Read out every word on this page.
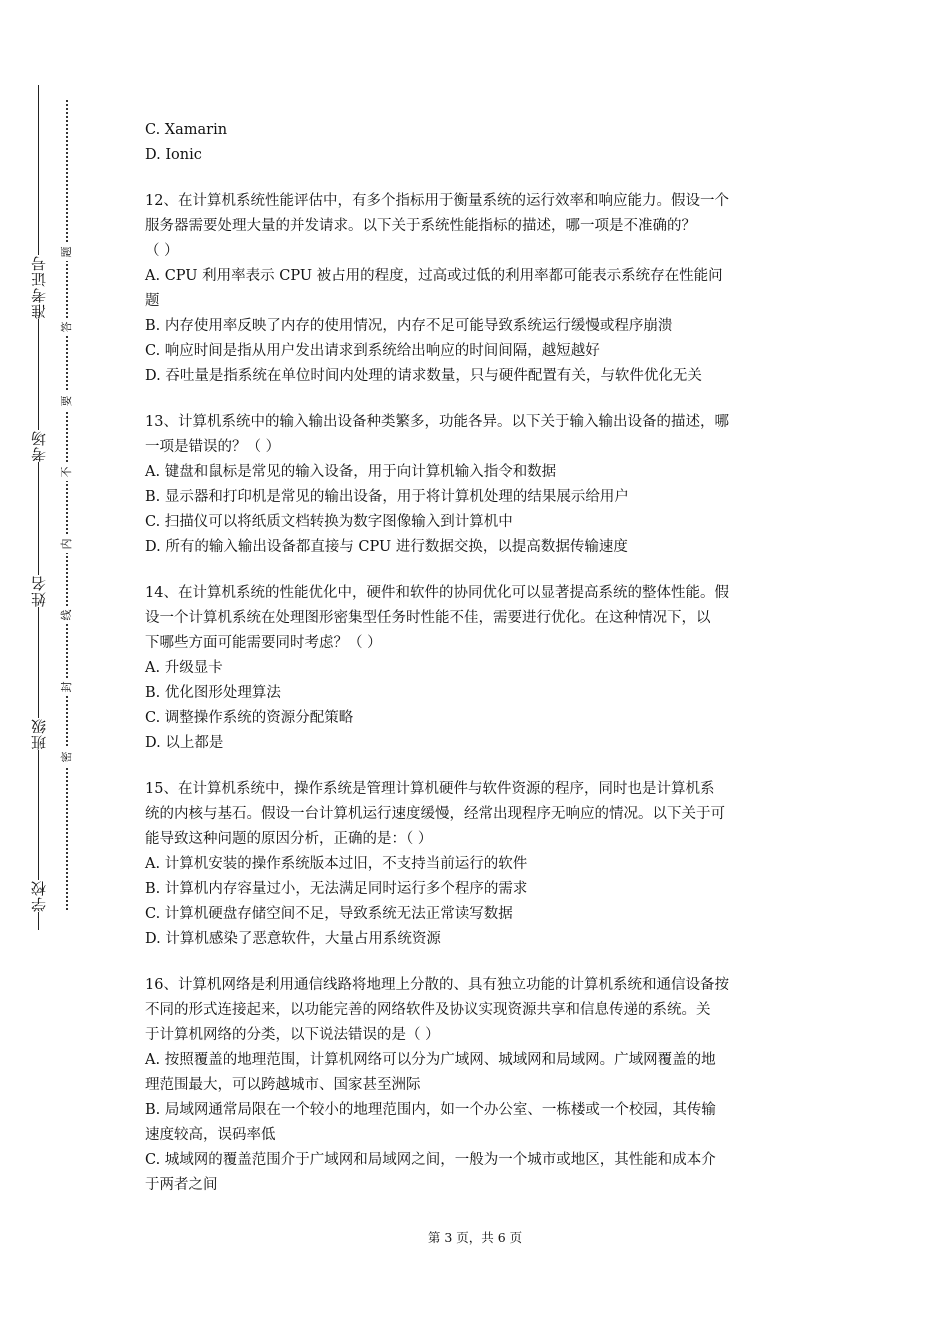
准考证号
考场
姓名
班级
学校
题
答
要
不
内
线
封
密
C. Xamarin
D. Ionic
12、在计算机系统性能评估中，有多个指标用于衡量系统的运行效率和响应能力。假设一个
服务器需要处理大量的并发请求。以下关于系统性能指标的描述，哪一项是不准确的？
（ ）
A. CPU 利用率表示 CPU 被占用的程度，过高或过低的利用率都可能表示系统存在性能问
题
B. 内存使用率反映了内存的使用情况，内存不足可能导致系统运行缓慢或程序崩溃
C. 响应时间是指从用户发出请求到系统给出响应的时间间隔，越短越好
D. 吞吐量是指系统在单位时间内处理的请求数量，只与硬件配置有关，与软件优化无关
13、计算机系统中的输入输出设备种类繁多，功能各异。以下关于输入输出设备的描述，哪
一项是错误的？（ ）
A. 键盘和鼠标是常见的输入设备，用于向计算机输入指令和数据
B. 显示器和打印机是常见的输出设备，用于将计算机处理的结果展示给用户
C. 扫描仪可以将纸质文档转换为数字图像输入到计算机中
D. 所有的输入输出设备都直接与 CPU 进行数据交换，以提高数据传输速度
14、在计算机系统的性能优化中，硬件和软件的协同优化可以显著提高系统的整体性能。假
设一个计算机系统在处理图形密集型任务时性能不佳，需要进行优化。在这种情况下，以
下哪些方面可能需要同时考虑？（ ）
A. 升级显卡
B. 优化图形处理算法
C. 调整操作系统的资源分配策略
D. 以上都是
15、在计算机系统中，操作系统是管理计算机硬件与软件资源的程序，同时也是计算机系
统的内核与基石。假设一台计算机运行速度缓慢，经常出现程序无响应的情况。以下关于可
能导致这种问题的原因分析，正确的是：（ ）
A. 计算机安装的操作系统版本过旧，不支持当前运行的软件
B. 计算机内存容量过小，无法满足同时运行多个程序的需求
C. 计算机硬盘存储空间不足，导致系统无法正常读写数据
D. 计算机感染了恶意软件，大量占用系统资源
16、计算机网络是利用通信线路将地理上分散的、具有独立功能的计算机系统和通信设备按
不同的形式连接起来，以功能完善的网络软件及协议实现资源共享和信息传递的系统。关
于计算机网络的分类，以下说法错误的是（ ）
A. 按照覆盖的地理范围，计算机网络可以分为广域网、城域网和局域网。广域网覆盖的地
理范围最大，可以跨越城市、国家甚至洲际
B. 局域网通常局限在一个较小的地理范围内，如一个办公室、一栋楼或一个校园，其传输
速度较高，误码率低
C. 城域网的覆盖范围介于广域网和局域网之间，一般为一个城市或地区，其性能和成本介
于两者之间
第 3 页，共 6 页
